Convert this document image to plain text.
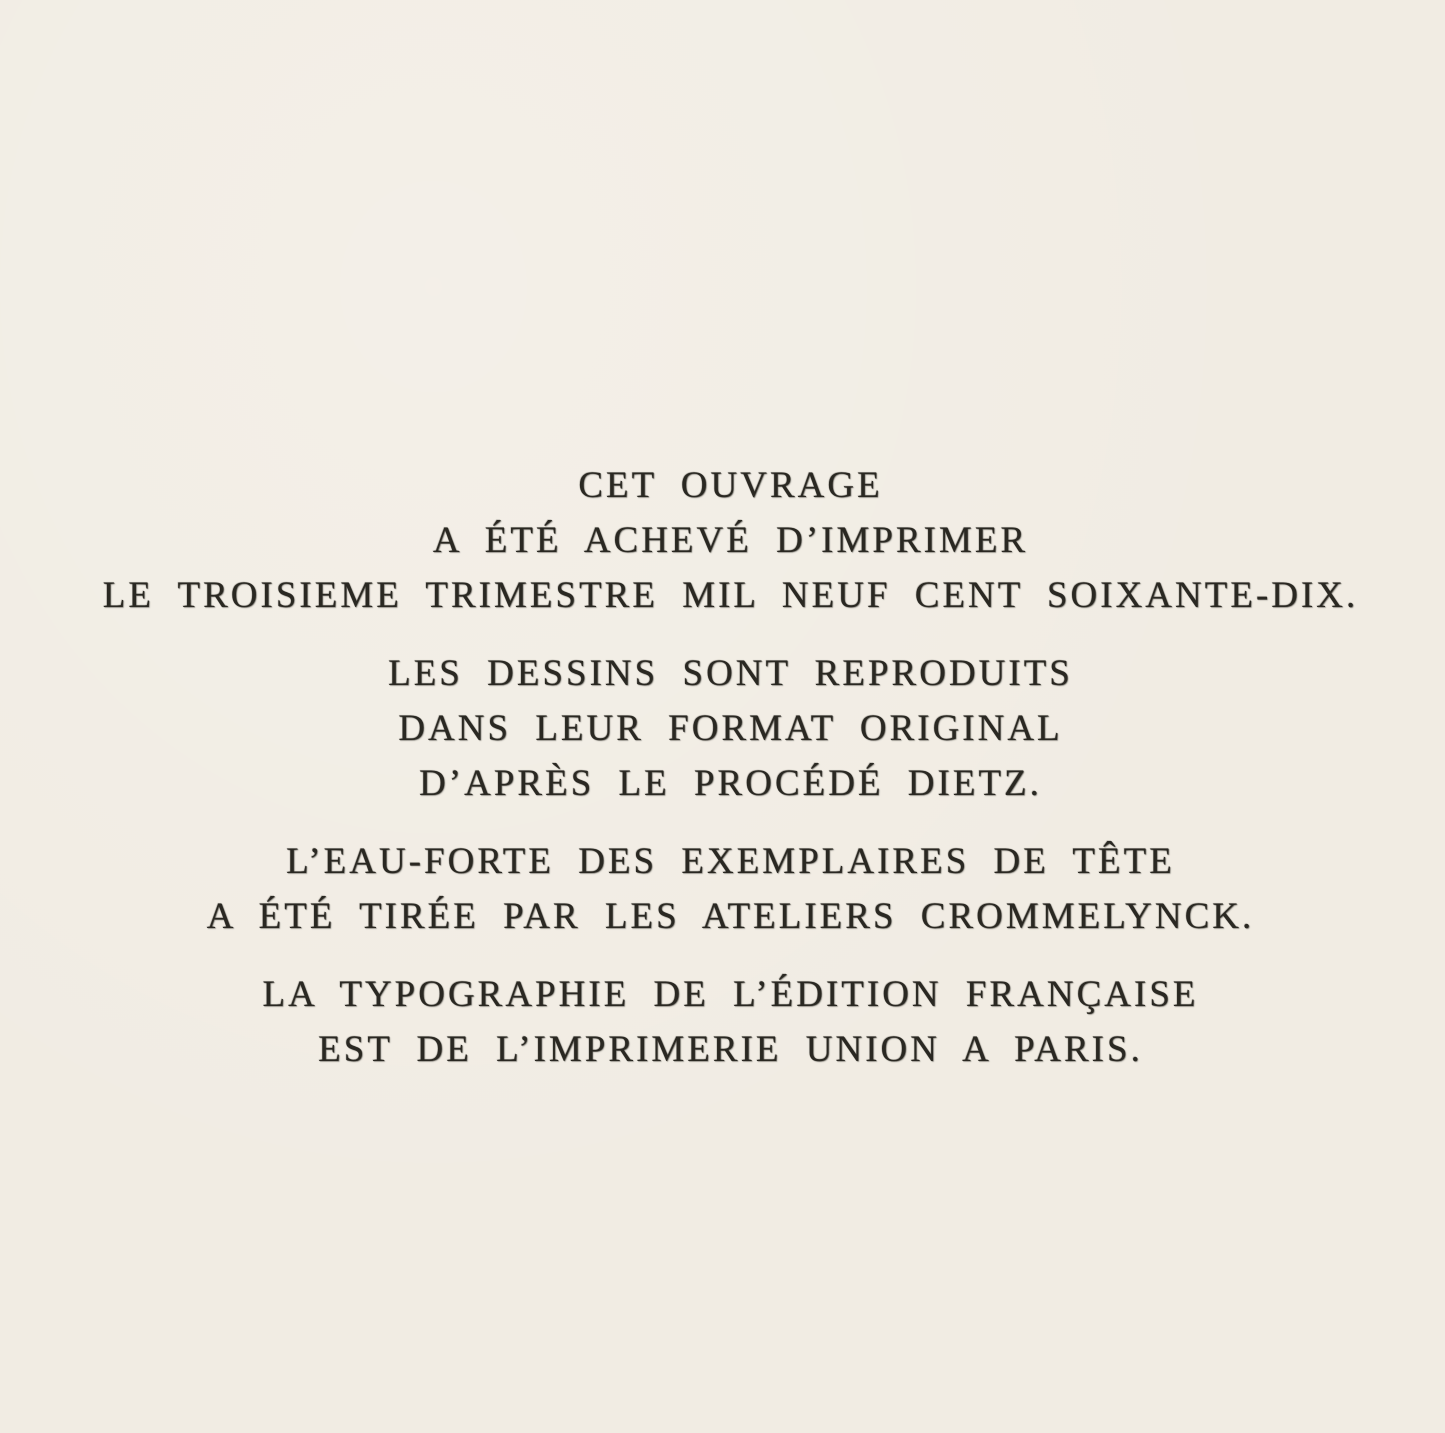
CET OUVRAGE
A ÉTÉ ACHEVÉ D’IMPRIMER
LE TROISIEME TRIMESTRE MIL NEUF CENT SOIXANTE-DIX.
LES DESSINS SONT REPRODUITS
DANS LEUR FORMAT ORIGINAL
D’APRÈS LE PROCÉDÉ DIETZ.
L’EAU-FORTE DES EXEMPLAIRES DE TÊTE
A ÉTÉ TIRÉE PAR LES ATELIERS CROMMELYNCK.
LA TYPOGRAPHIE DE L’ÉDITION FRANÇAISE
EST DE L’IMPRIMERIE UNION A PARIS.
